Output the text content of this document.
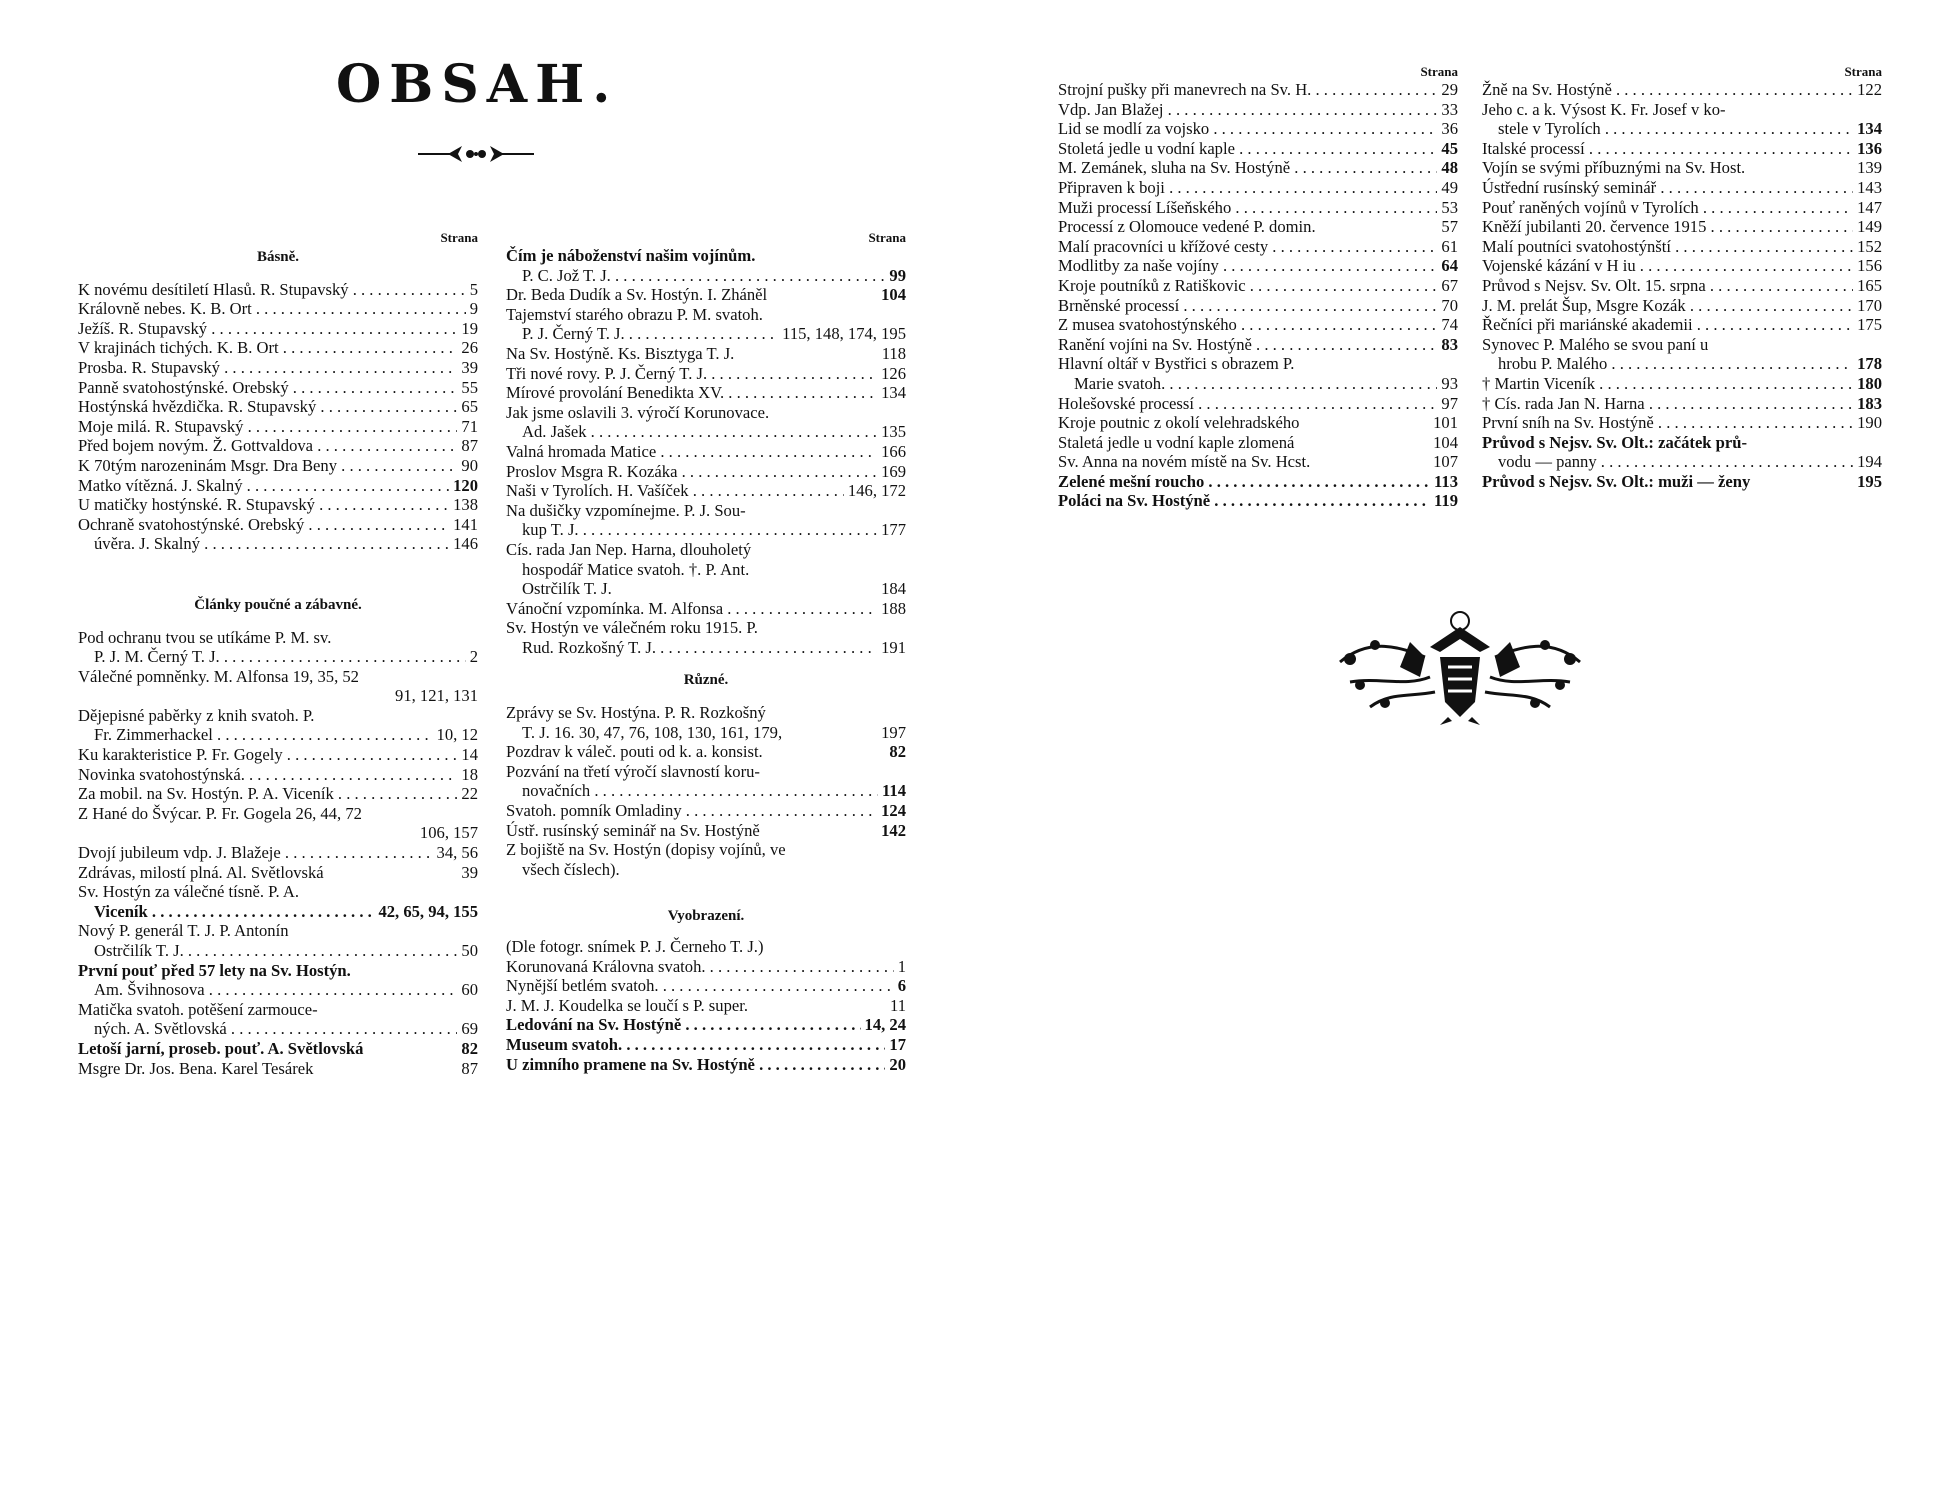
OBSAH.
Strana
Básně.
K novému desítiletí Hlasů. R. Stupavský . . .	5
Královně nebes. K. B. Ort . . .	9
Ježíš. R. Stupavský . . .	19
V krajinách tichých. K. B. Ort . . .	26
Prosba. R. Stupavský . . .	39
Panně svatohostýnské. Orebský . . .	55
Hostýnská hvězdička. R. Stupavský . . .	65
Moje milá. R. Stupavský . . .	71
Před bojem novým. Ž. Gottvaldova . . .	87
K 70tým narozeninám Msgr. Dra Beny . . .	90
Matko vítězná. J. Skalný . . .	120
U matičky hostýnské. R. Stupavský . . .	138
Ochraně svatohostýnské. Orebský . . .	141
úvěra. J. Skalný . . .	146
Články poučné a zábavné.
Pod ochranu tvou se utíkáme P. M. sv.
P. J. M. Černý T. J. . . .	2
Válečné pomněnky. M. Alfonsa 19, 35, 52
91, 121, 131
Dějepisné paběrky z knih svatoh. P.
Fr. Zimmerhackel . . .	10, 12
Ku karakteristice P. Fr. Gogely . . .	14
Novinka svatohostýnská. . . .	18
Za mobil. na Sv. Hostýn. P. A. Viceník . . .	22
Z Hané do Švýcar. P. Fr. Gogela 26, 44, 72
106, 157
Dvojí jubileum vdp. J. Blažeje . . .	34, 56
Zdrávas, milostí plná. Al. Světlovská	39
Sv. Hostýn za válečné tísně. P. A.
Viceník . . .	42, 65, 94, 155
Nový P. generál T. J. P. Antonín
Ostrčilík T. J. . . .	50
První pouť před 57 lety na Sv. Hostýn.
Am. Švihnosova . . .	60
Matička svatoh. potěšení zarmouce-
ných. A. Světlovská . . .	69
Letoší jarní, proseb. pouť. A. Světlovská	82
Msgre Dr. Jos. Bena. Karel Tesárek	87
Strana
Čím je náboženství našim vojínům.
P. C. Jož T. J. . . .	99
Dr. Beda Dudík a Sv. Hostýn. I. Zháněl	104
Tajemství starého obrazu P. M. svatoh.
P. J. Černý T. J. . . .	115, 148, 174, 195
Na Sv. Hostýně. Ks. Bisztyga T. J.	118
Tři nové rovy. P. J. Černý T. J. . . .	126
Mírové provolání Benedikta XV. . . .	134
Jak jsme oslavili 3. výročí Korunovace.
Ad. Jašek . . .	135
Valná hromada Matice . . .	166
Proslov Msgra R. Kozáka . . .	169
Naši v Tyrolích. H. Vašíček . . .	146, 172
Na dušičky vzpomínejme. P. J. Sou-
kup T. J. . . .	177
Cís. rada Jan Nep. Harna, dlouholetý
hospodář Matice svatoh. †. P. Ant.
Ostrčilík T. J.	184
Vánoční vzpomínka. M. Alfonsa . . .	188
Sv. Hostýn ve válečném roku 1915. P.
Rud. Rozkošný T. J. . . .	191
Různé.
Zprávy se Sv. Hostýna. P. R. Rozkošný
T. J. 16. 30, 47, 76, 108, 130, 161, 179,	197
Pozdrav k váleč. pouti od k. a. konsist.	82
Pozvání na třetí výročí slavností koru-
novačních . . .	114
Svatoh. pomník Omladiny . . .	124
Ústř. rusínský seminář na Sv. Hostýně	142
Z bojiště na Sv. Hostýn (dopisy vojínů, ve
všech číslech).
Vyobrazení.
(Dle fotogr. snímek P. J. Černeho T. J.)
Korunovaná Královna svatoh. . . .	1
Nynější betlém svatoh. . . .	6
J. M. J. Koudelka se loučí s P. super.	11
Ledování na Sv. Hostýně . . .	14, 24
Museum svatoh. . . .	17
U zimního pramene na Sv. Hostýně . . .	20
Strana
Strojní pušky při manevrech na Sv. H. . . .	29
Vdp. Jan Blažej . . .	33
Lid se modlí za vojsko . . .	36
Stoletá jedle u vodní kaple . . .	45
M. Zemánek, sluha na Sv. Hostýně . . .	48
Připraven k boji . . .	49
Muži processí Líšeňského . . .	53
Processí z Olomouce vedené P. domin.	57
Malí pracovníci u křížové cesty . . .	61
Modlitby za naše vojíny . . .	64
Kroje poutníků z Ratiškovic . . .	67
Brněnské processí . . .	70
Z musea svatohostýnského . . .	74
Ranění vojíni na Sv. Hostýně . . .	83
Hlavní oltář v Bystřici s obrazem P.
Marie svatoh. . . .	93
Holešovské processí . . .	97
Kroje poutnic z okolí velehradského	101
Staletá jedle u vodní kaple zlomená	104
Sv. Anna na novém místě na Sv. Hcst.	107
Zelené mešní roucho . . .	113
Poláci na Sv. Hostýně . . .	119
Strana
Žně na Sv. Hostýně . . .	122
Jeho c. a k. Výsost K. Fr. Josef v ko-
stele v Tyrolích . . .	134
Italské processí . . .	136
Vojín se svými příbuznými na Sv. Host.	139
Ústřední rusínský seminář . . .	143
Pouť raněných vojínů v Tyrolích . . .	147
Kněží jubilanti 20. července 1915 . . .	149
Malí poutníci svatohostýnští . . .	152
Vojenské kázání v H iu . . .	156
Průvod s Nejsv. Sv. Olt. 15. srpna . . .	165
J. M. prelát Šup, Msgre Kozák . . .	170
Řečníci při mariánské akademii . . .	175
Synovec P. Malého se svou paní u
hrobu P. Malého . . .	178
† Martin Viceník . . .	180
† Cís. rada Jan N. Harna . . .	183
První sníh na Sv. Hostýně . . .	190
Průvod s Nejsv. Sv. Olt.: začátek prů-
vodu — panny . . .	194
Průvod s Nejsv. Sv. Olt.: muži — ženy	195
